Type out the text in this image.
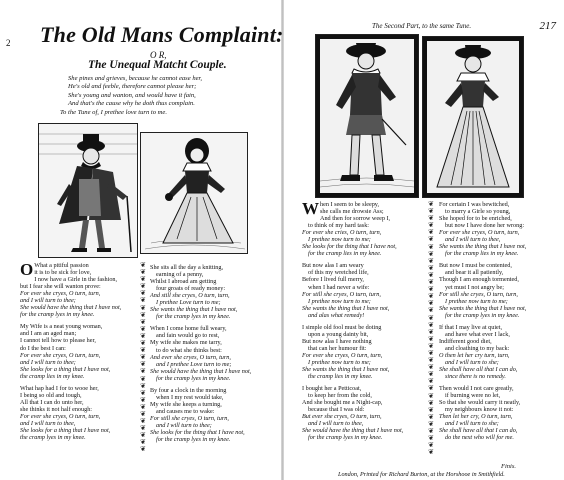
2 The Old Mans Complaint:
O R,
The Unequal Matcht Couple.
She pines and grieves, because he cannot ease her,
He's old and feeble, therefore cannot please her;
She's young and wanton, and would have it fain,
And that's the cause why he doth thus complain.
To the Tune of, I prethee love turn to me.
O What a pitiful passion
it is to be sick for love,
I now have a Girle in the fashion,
but I fear she will wanton prove:
For ever she cryes, O turn, turn,
and I will turn to thee;
She would have the thing that I have not,
for the cramp lyes in my knee.
My Wife is a neat young woman,
and I am an aged man;
I cannot tell how to please her,
do I the best I can:
For ever she cryes, O turn, turn,
and I will turn to thee;
She looks for a thing that I have not,
the cramp lies in my knee.
What hap had I for to wooe her,
I being so old and tough,
All that I can do unto her,
she thinks it not half enough:
For ever she cryes, O turn, turn,
and I will turn to thee,
She looks for a thing that I have not,
the cramp lyes in my knee.
❦
❦
❦
❦
❦
❦
❦
❦
❦
❦
❦
❦
❦
❦
❦
❦
❦
❦
❦
❦
❦
❦
❦
❦
❦
❦
❦
She sits all the day a knitting,
earning of a penny,
Whilst I abroad am getting
four groats of ready money:
And still she cryes, O turn, turn,
I prethee Love turn to me;
She wants the thing that I have not,
for the cramp lyes in my knee.
When I come home full weary,
and fain would go to rest,
My wife she makes me tarry,
to do what she thinks best:
And ever she cryes, O turn, turn,
and I prethee Love turn to me;
She would have the thing that I have not,
for the cramp lyes in my knee.
By four a clock in the morning
when I my rest would take,
My wife she keeps a turning,
and causes me to wake:
For still she cryes, O turn, turn,
and I will turn to thee;
She looks for the thing that I have not,
for the cramp lyes in my knee.
The Second Part, to the same Tune.	217
When I seem to be sleepy,
she calls me drowsie Ass;
And then for sorrow weep I,
to think of my hard task:
For ever she cries, O turn, turn,
I prethee now turn to me;
She looks for the thing that I have not,
for the cramp lies in my knee.
But now alas I am weary
of this my wretched life,
Before I lived full merry,
when I had never a wife:
For still she cryes, O turn, turn,
I prethee now turn to me;
She wants the thing that I have not,
and alas what remedy!
I simple old fool must be doting
upon a young dainty bit,
But now alas I have nothing
that can her humour fit:
For ever she cryes, O turn, turn,
I prethee now turn to me;
She wants the thing that I have not,
the cramp lies in my knee.
I bought her a Petticoat,
to keep her from the cold,
And she bought me a Night-cap,
because that I was old:
But ever she cryes, O turn, turn,
and I will turn to thee,
She would have the thing that I have not,
for the cramp lyes in my knee.
❦
❦
❦
❦
❦
❦
❦
❦
❦
❦
❦
❦
❦
❦
❦
❦
❦
❦
❦
❦
❦
❦
❦
❦
❦
❦
❦
❦
❦
❦
❦
❦
❦
❦
❦
❦
For certain I was bewitched,
to marry a Girle so young,
She hoped for to be enriched,
but now I have done her wrong:
For ever she cryes, O turn, turn,
and I will turn to thee,
She wants the thing that I have not,
for the cramp lies in my knee.
But now I must be contented,
and bear it all patiently,
Though I am enough tormented,
yet must I not angry be;
For still she cryes, O turn, turn,
I prethee now turn to me;
She wants the thing that I have not,
for the cramp lyes in my knee.
If that I may live at quiet,
and have what ever I lack,
Indifferent good diet,
and cloathing to my back:
O then let her cry turn, turn,
and I will turn to she;
She shall have all that I can do,
since there is no remedy.
Then would I not care greatly,
if burning were no let,
So that she would carry it neatly,
my neighbours know it not:
Then let her cry, O turn, turn,
and I will turn to she;
She shall have all that I can do,
do the next who will for me.
Finis.
London, Printed for Richard Burton, at the Horshooe in Smithfield.
